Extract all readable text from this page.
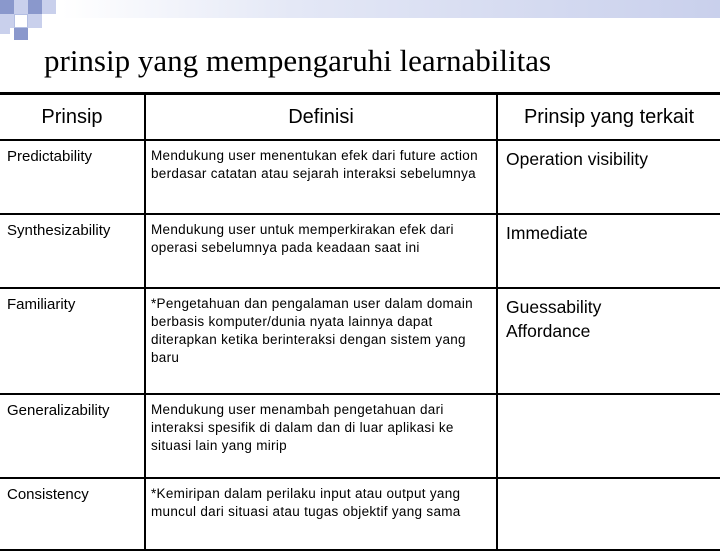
prinsip yang mempengaruhi learnabilitas
Prinsip	Definisi	Prinsip yang terkait
Predictability	Mendukung user menentukan efek dari future action berdasar catatan atau sejarah interaksi sebelumnya	Operation visibility

Synthesizability	Mendukung user untuk memperkirakan efek dari operasi sebelumnya pada keadaan saat ini	Immediate

Familiarity	*Pengetahuan dan pengalaman user dalam domain berbasis komputer/dunia nyata lainnya dapat diterapkan ketika berinteraksi dengan sistem yang baru	Guessability
Affordance

Generalizability	Mendukung user menambah pengetahuan dari interaksi spesifik di dalam dan di luar aplikasi ke situasi lain yang mirip	
Consistency	*Kemiripan dalam perilaku input atau output yang muncul dari situasi atau tugas objektif yang sama	
